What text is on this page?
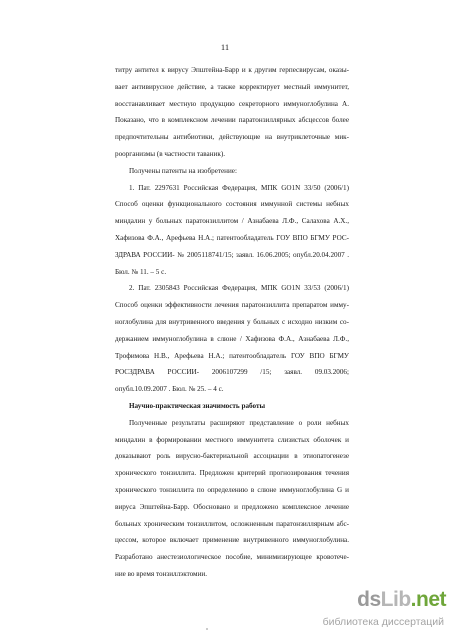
11
титру антител к вирусу Эпштейна-Барр и к другим герпесвирусам, оказы-
вает антивирусное действие, а также корректирует местный иммунитет,
восстанавливает местную продукцию секреторного иммуноглобулина А.
Показано, что в комплексном лечении паратонзиллярных абсцессов более
предпочтительны антибиотики, действующие на внутриклеточные мик-
роорганизмы (в частности таваник).
Получены патенты на изобретение:
1. Пат. 2297631 Российская Федерация, МПК GO1N 33/50 (2006/1)
Способ оценки функционального состояния иммунной системы небных
миндалин у больных паратонзиллитом / Азнабаева Л.Ф., Салахова А.Х.,
Хафизова Ф.А., Арефьева Н.А.; патентообладатель ГОУ ВПО БГМУ РОС-
ЗДРАВА РОССИИ- № 2005118741/15; заявл. 16.06.2005; опубл.20.04.2007 .
Бюл. № 11. – 5 с.
2. Пат. 2305843 Российская Федерация, МПК GO1N 33/53 (2006/1)
Способ оценки эффективности лечения паратонзиллита препаратом имму-
ноглобулина для внутривенного введения у больных с исходно низким со-
держанием иммуноглобулина в слюне / Хафизова Ф.А., Азнабаева Л.Ф.,
Трофимова Н.В., Арефьева Н.А.; патентообладатель ГОУ ВПО БГМУ
РОСЗДРАВА РОССИИ- 2006107299 /15; заявл. 09.03.2006;
опубл.10.09.2007 . Бюл. № 25. – 4 с.
Научно-практическая значимость работы
Полученные результаты расширяют представление о роли небных
миндалин в формировании местного иммунитета слизистых оболочек и
доказывают роль вирусно-бактериальной ассоциации в этиопатогенезе
хронического тонзиллита. Предложен критерий прогнозирования течения
хронического тонзиллита по определению в слюне иммуноглобулина G и
вируса Эпштейна-Барр. Обосновано и предложено комплексное лечение
больных хроническим тонзиллитом, осложненным паратонзиллярным абс-
цессом, которое включает применение внутривенного иммуноглобулина.
Разработано анестезиологическое пособие, минимизирующее кровотече-
ние во время тонзиллэктомии.
dsLib.net
библиотека диссертаций
